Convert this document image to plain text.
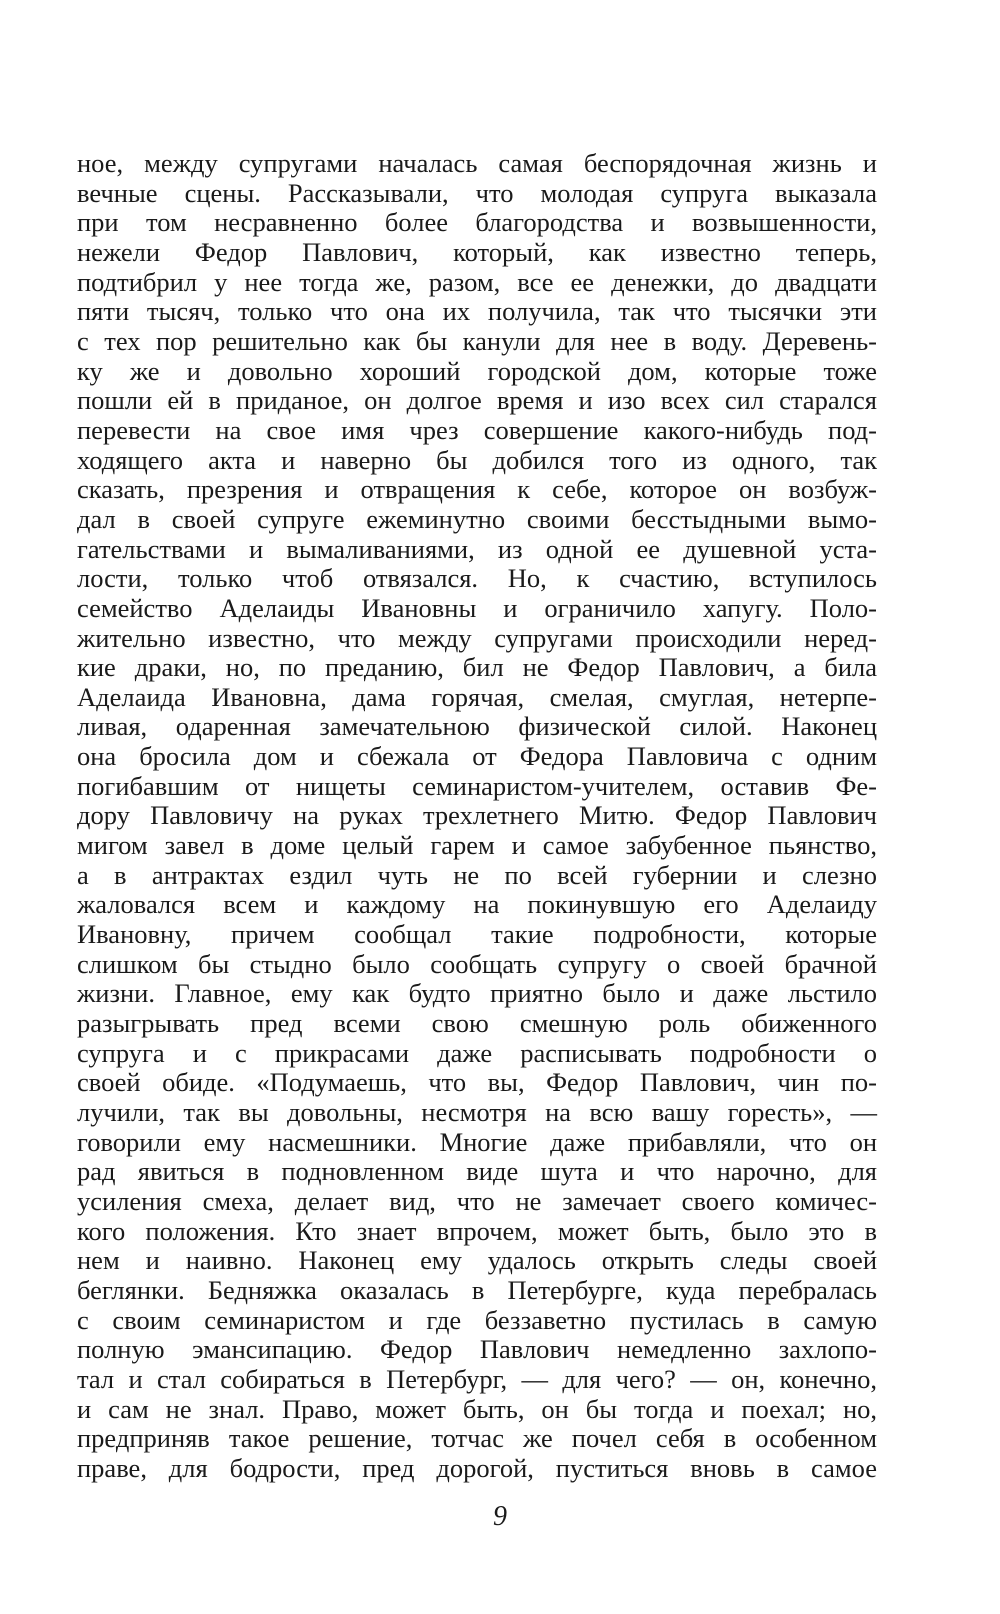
ное, между супругами началась самая беспорядочная жизнь и
вечные сцены. Рассказывали, что молодая супруга выказала
при том несравненно более благородства и возвышенности,
нежели Федор Павлович, который, как известно теперь,
подтибрил у нее тогда же, разом, все ее денежки, до двадцати
пяти тысяч, только что она их получила, так что тысячки эти
с тех пор решительно как бы канули для нее в воду. Деревень-
ку же и довольно хороший городской дом, которые тоже
пошли ей в приданое, он долгое время и изо всех сил старался
перевести на свое имя чрез совершение какого-нибудь под-
ходящего акта и наверно бы добился того из одного, так
сказать, презрения и отвращения к себе, которое он возбуж-
дал в своей супруге ежеминутно своими бесстыдными вымо-
гательствами и вымаливаниями, из одной ее душевной уста-
лости, только чтоб отвязался. Но, к счастию, вступилось
семейство Аделаиды Ивановны и ограничило хапугу. Поло-
жительно известно, что между супругами происходили неред-
кие драки, но, по преданию, бил не Федор Павлович, а била
Аделаида Ивановна, дама горячая, смелая, смуглая, нетерпе-
ливая, одаренная замечательною физической силой. Наконец
она бросила дом и сбежала от Федора Павловича с одним
погибавшим от нищеты семинаристом-учителем, оставив Фе-
дору Павловичу на руках трехлетнего Митю. Федор Павлович
мигом завел в доме целый гарем и самое забубенное пьянство,
а в антрактах ездил чуть не по всей губернии и слезно
жаловался всем и каждому на покинувшую его Аделаиду
Ивановну, причем сообщал такие подробности, которые
слишком бы стыдно было сообщать супругу о своей брачной
жизни. Главное, ему как будто приятно было и даже льстило
разыгрывать пред всеми свою смешную роль обиженного
супруга и с прикрасами даже расписывать подробности о
своей обиде. «Подумаешь, что вы, Федор Павлович, чин по-
лучили, так вы довольны, несмотря на всю вашу горесть», —
говорили ему насмешники. Многие даже прибавляли, что он
рад явиться в подновленном виде шута и что нарочно, для
усиления смеха, делает вид, что не замечает своего комичес-
кого положения. Кто знает впрочем, может быть, было это в
нем и наивно. Наконец ему удалось открыть следы своей
беглянки. Бедняжка оказалась в Петербурге, куда перебралась
с своим семинаристом и где беззаветно пустилась в самую
полную эмансипацию. Федор Павлович немедленно захлопо-
тал и стал собираться в Петербург, — для чего? — он, конечно,
и сам не знал. Право, может быть, он бы тогда и поехал; но,
предприняв такое решение, тотчас же почел себя в особенном
праве, для бодрости, пред дорогой, пуститься вновь в самое
9
